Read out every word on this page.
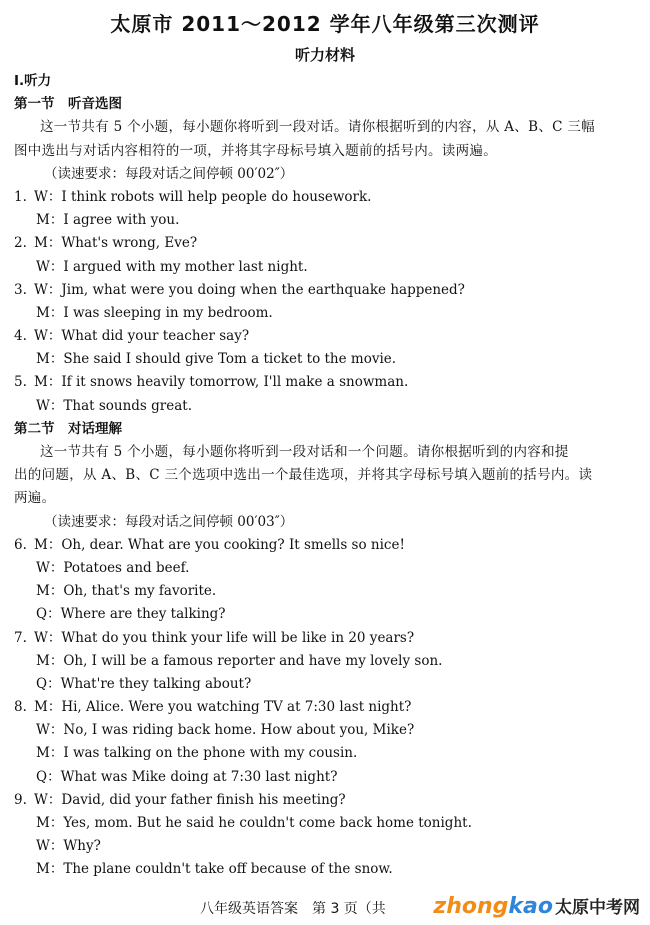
太原市 2011～2012 学年八年级第三次测评
听力材料
Ⅰ.听力
第一节　听音选图
这一节共有 5 个小题，每小题你将听到一段对话。请你根据听到的内容，从 A、B、C 三幅
图中选出与对话内容相符的一项，并将其字母标号填入题前的括号内。读两遍。
（读速要求：每段对话之间停顿 00′02″）
1. W：I think robots will help people do housework.
M：I agree with you.
2. M：What's wrong, Eve?
W：I argued with my mother last night.
3. W：Jim, what were you doing when the earthquake happened?
M：I was sleeping in my bedroom.
4. W：What did your teacher say?
M：She said I should give Tom a ticket to the movie.
5. M：If it snows heavily tomorrow, I'll make a snowman.
W：That sounds great.
第二节　对话理解
这一节共有 5 个小题，每小题你将听到一段对话和一个问题。请你根据听到的内容和提
出的问题，从 A、B、C 三个选项中选出一个最佳选项，并将其字母标号填入题前的括号内。读
两遍。
（读速要求：每段对话之间停顿 00′03″）
6. M：Oh, dear. What are you cooking? It smells so nice!
W：Potatoes and beef.
M：Oh, that's my favorite.
Q：Where are they talking?
7. W：What do you think your life will be like in 20 years?
M：Oh, I will be a famous reporter and have my lovely son.
Q：What're they talking about?
8. M：Hi, Alice. Were you watching TV at 7:30 last night?
W：No, I was riding back home. How about you, Mike?
M：I was talking on the phone with my cousin.
Q：What was Mike doing at 7:30 last night?
9. W：David, did your father finish his meeting?
M：Yes, mom. But he said he couldn't come back home tonight.
W：Why?
M：The plane couldn't take off because of the snow.
八年级英语答案　第 3 页（共 zhongkao 太原中考网
